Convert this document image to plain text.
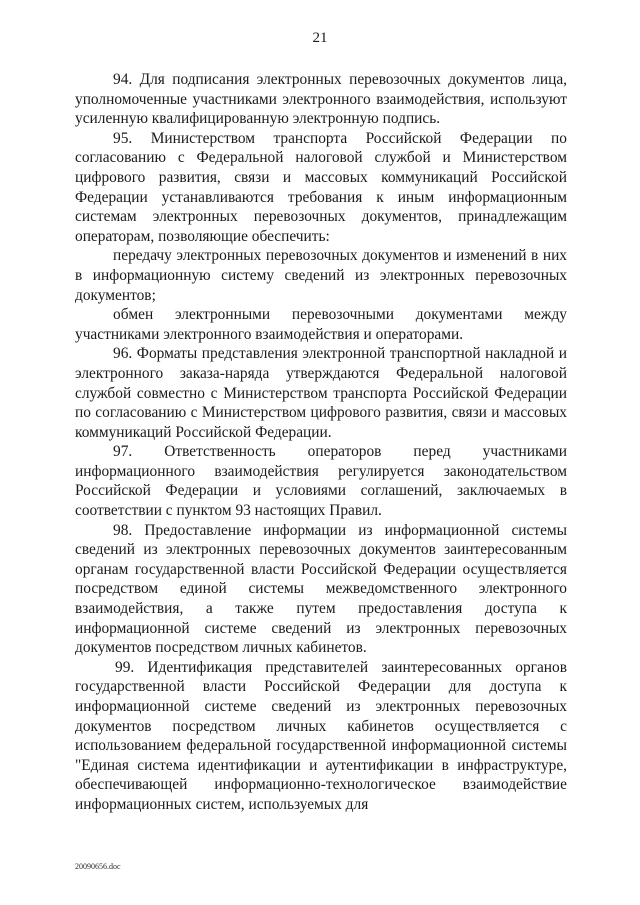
21

94. Для подписания электронных перевозочных документов лица, уполномоченные участниками электронного взаимодействия, используют усиленную квалифицированную электронную подпись.

95. Министерством транспорта Российской Федерации по согласованию с Федеральной налоговой службой и Министерством цифрового развития, связи и массовых коммуникаций Российской Федерации устанавливаются требования к иным информационным системам электронных перевозочных документов, принадлежащим операторам, позволяющие обеспечить:

передачу электронных перевозочных документов и изменений в них в информационную систему сведений из электронных перевозочных документов;

обмен электронными перевозочными документами между участниками электронного взаимодействия и операторами.

96. Форматы представления электронной транспортной накладной и электронного заказа-наряда утверждаются Федеральной налоговой службой совместно с Министерством транспорта Российской Федерации по согласованию с Министерством цифрового развития, связи и массовых коммуникаций Российской Федерации.

97. Ответственность операторов перед участниками информационного взаимодействия регулируется законодательством Российской Федерации и условиями соглашений, заключаемых в соответствии с пунктом 93 настоящих Правил.

98. Предоставление информации из информационной системы сведений из электронных перевозочных документов заинтересованным органам государственной власти Российской Федерации осуществляется посредством единой системы межведомственного электронного взаимодействия, а также путем предоставления доступа к информационной системе сведений из электронных перевозочных документов посредством личных кабинетов.

99. Идентификация представителей заинтересованных органов государственной власти Российской Федерации для доступа к информационной системе сведений из электронных перевозочных документов посредством личных кабинетов осуществляется с использованием федеральной государственной информационной системы "Единая система идентификации и аутентификации в инфраструктуре, обеспечивающей информационно-технологическое взаимодействие информационных систем, используемых для

20090656.doc
